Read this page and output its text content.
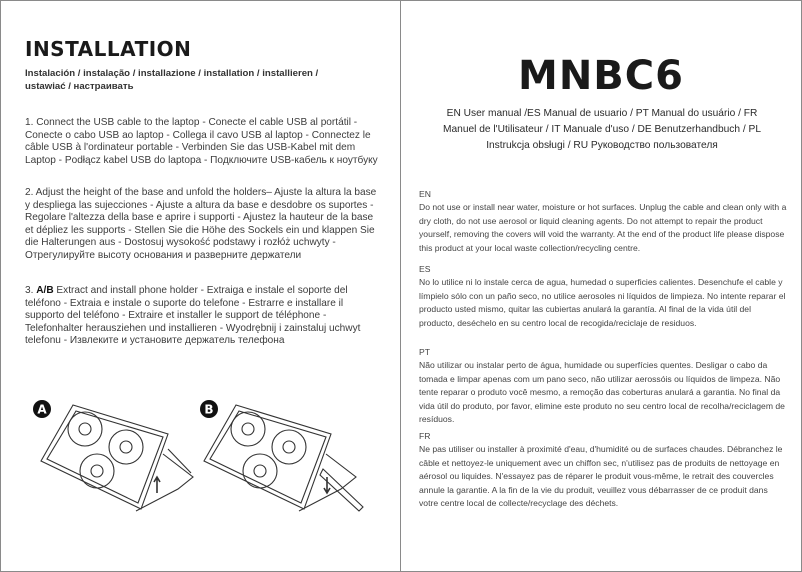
INSTALLATION
Instalación / instalação / installazione / installation / installieren / ustawiać / настраивать
1. Connect the USB cable to the laptop - Conecte el cable USB al portátil - Conecte o cabo USB ao laptop - Collega il cavo USB al laptop - Connectez le câble USB à l'ordinateur portable - Verbinden Sie das USB-Kabel mit dem Laptop - Podłącz kabel USB do laptopa - Подключите USB-кабель к ноутбуку
2. Adjust the height of the base and unfold the holders– Ajuste la altura la base y despliega las sujecciones - Ajuste a altura da base e desdobre os suportes - Regolare l'altezza della base e aprire i supporti - Ajustez la hauteur de la base et dépliez les supports - Stellen Sie die Höhe des Sockels ein und klappen Sie die Halterungen aus - Dostosuj wysokość podstawy i rozłóż uchwyty - Отрегулируйте высоту основания и разверните держатели
3. A/B Extract and install phone holder - Extraiga e instale el soporte del teléfono - Extraia e instale o suporte do telefone - Estrarre e installare il supporto del teléfono - Extraire et installer le support de téléphone - Telefonhalter herausziehen und installieren - Wyodrębnij i zainstaluj uchwyt telefonu - Извлеките и установите держатель телефона
A	B
MNBC6
EN User manual /ES Manual de usuario / PT Manual do usuário / FR Manuel de l'Utilisateur / IT Manuale d'uso / DE Benutzerhandbuch / PL Instrukcja obsługi / RU Руководство пользователя
EN
Do not use or install near water, moisture or hot surfaces. Unplug the cable and clean only with a dry cloth, do not use aerosol or liquid cleaning agents. Do not attempt to repair the product yourself, removing the covers will void the warranty. At the end of the product life please dispose this product at your local waste collection/recycling centre.
ES
No lo utilice ni lo instale cerca de agua, humedad o superficies calientes. Desenchufe el cable y límpielo sólo con un paño seco, no utilice aerosoles ni líquidos de limpieza. No intente reparar el producto usted mismo, quitar las cubiertas anulará la garantía. Al final de la vida útil del producto, deséchelo en su centro local de recogida/reciclaje de residuos.
PT
Não utilizar ou instalar perto de água, humidade ou superfícies quentes. Desligar o cabo da tomada e limpar apenas com um pano seco, não utilizar aerossóis ou líquidos de limpeza. Não tente reparar o produto você mesmo, a remoção das coberturas anulará a garantia. No final da vida útil do produto, por favor, elimine este produto no seu centro local de recolha/reciclagem de resíduos.
FR
Ne pas utiliser ou installer à proximité d'eau, d'humidité ou de surfaces chaudes. Débranchez le câble et nettoyez-le uniquement avec un chiffon sec, n'utilisez pas de produits de nettoyage en aérosol ou liquides. N'essayez pas de réparer le produit vous-même, le retrait des couvercles annule la garantie. A la fin de la vie du produit, veuillez vous débarrasser de ce produit dans votre centre local de collecte/recyclage des déchets.
